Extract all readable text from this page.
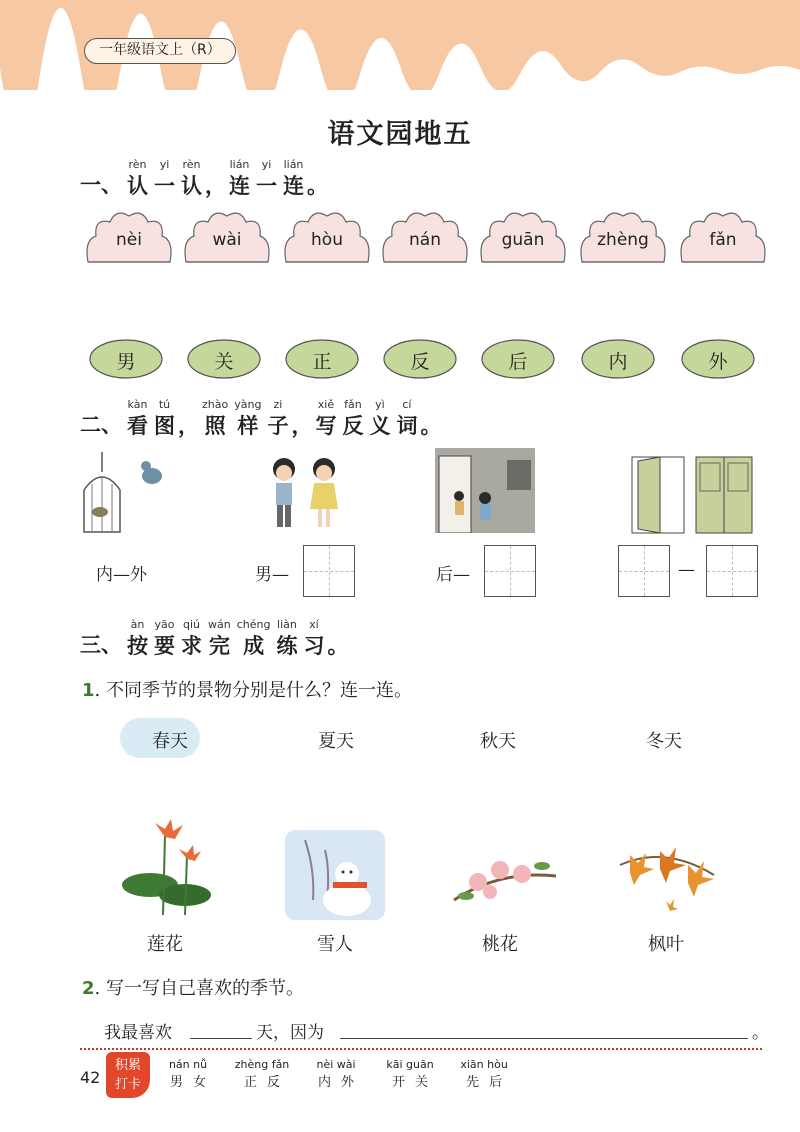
一年级语文上（R）
语文园地五
一、
rèn
认
yi
一
rèn
认 ，
lián
连
yi
一
lián
连 。
nèi	wài	hòu	nán	guān	zhèng	fǎn
男	关	正	反	后	内	外
二、
kàn
看
tú
图 ，
zhào
照
yàng
样
zi
子 ，
xiě
写
fǎn
反
yì
义
cí
词 。
内—外	男—	后—	—
三、
àn
按
yāo
要
qiú
求
wán
完
chéng
成
liàn
练
xí
习 。
1. 不同季节的景物分别是什么？连一连。
春天	夏天	秋天	冬天
莲花	雪人	桃花	枫叶
2. 写一写自己喜欢的季节。
我最喜欢	天，因为	。
42
积累
打卡
nán nǚ
男女
zhèng fǎn
正反
nèi wài
内外
kāi guān
开关
xiān hòu
先后
